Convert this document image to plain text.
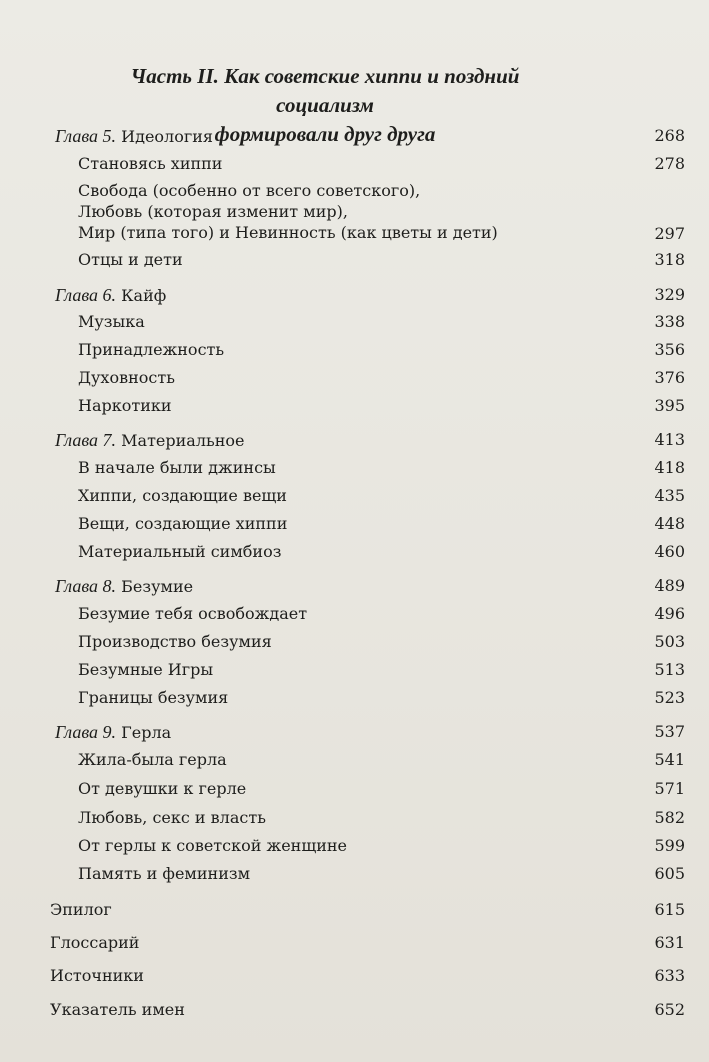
Часть II. Как советские хиппи и поздний социализм
формировали друг друга
Глава 5. Идеология	268
Становясь хиппи	278
Свобода (особенно от всего советского),
Любовь (которая изменит мир),
Мир (типа того) и Невинность (как цветы и дети)	297
Отцы и дети	318
Глава 6. Кайф	329
Музыка	338
Принадлежность	356
Духовность	376
Наркотики	395
Глава 7. Материальное	413
В начале были джинсы	418
Хиппи, создающие вещи	435
Вещи, создающие хиппи	448
Материальный симбиоз	460
Глава 8. Безумие	489
Безумие тебя освобождает	496
Производство безумия	503
Безумные Игры	513
Границы безумия	523
Глава 9. Герла	537
Жила-была герла	541
От девушки к герле	571
Любовь, секс и власть	582
От герлы к советской женщине	599
Память и феминизм	605
Эпилог	615
Глоссарий	631
Источники	633
Указатель имен	652
